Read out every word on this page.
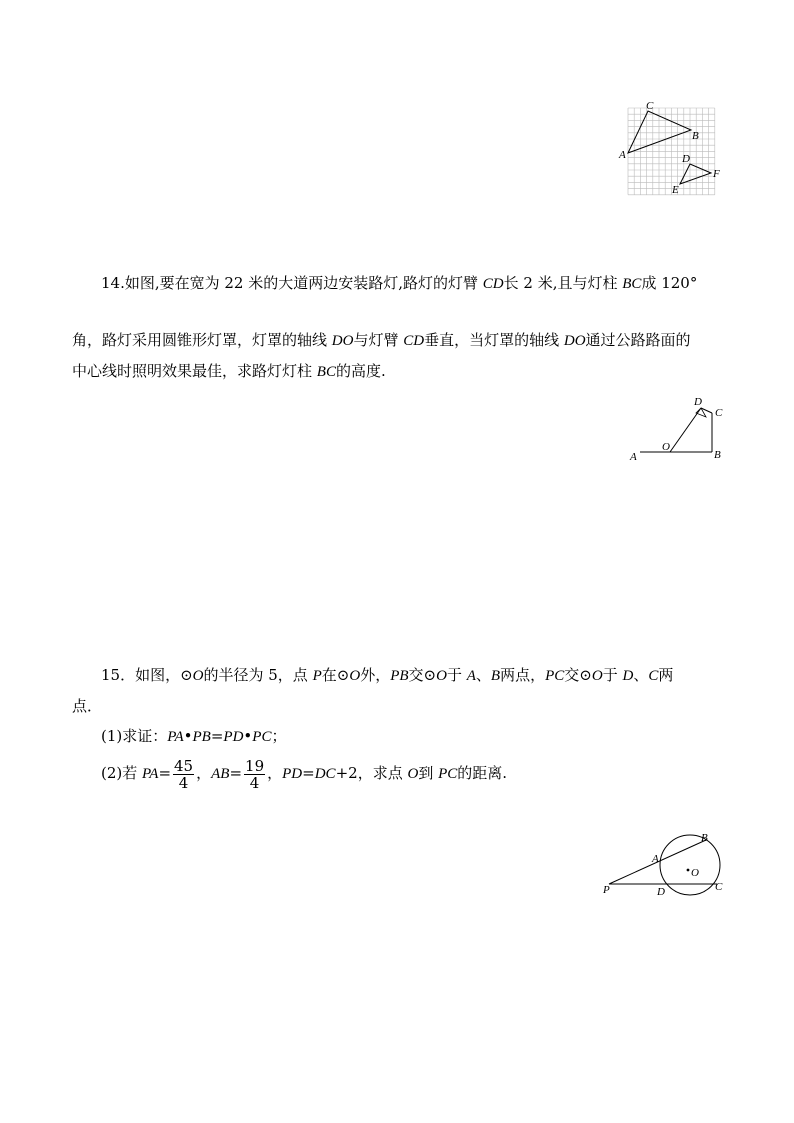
A
C
B
D
E
F
14.如图,要在宽为 22 米的大道两边安装路灯,路灯的灯臂 CD长 2 米,且与灯柱 BC成 120°
角，路灯采用圆锥形灯罩，灯罩的轴线 DO与灯臂 CD垂直，当灯罩的轴线 DO通过公路路面的
中心线时照明效果最佳，求路灯灯柱 BC的高度.
A
O
B
C
D
15．如图，⊙O的半径为 5，点 P在⊙O外，PB交⊙O于 A、B两点，PC交⊙O于 D、C两
点．
(1)求证：PA•PB=PD•PC；
(2)若 $PA= \frac{45}{4}$ ，$AB= \frac{19}{4}$ ，PD=DC+2，求点 O到 PC的距离.
P
A
B
O
D	C
